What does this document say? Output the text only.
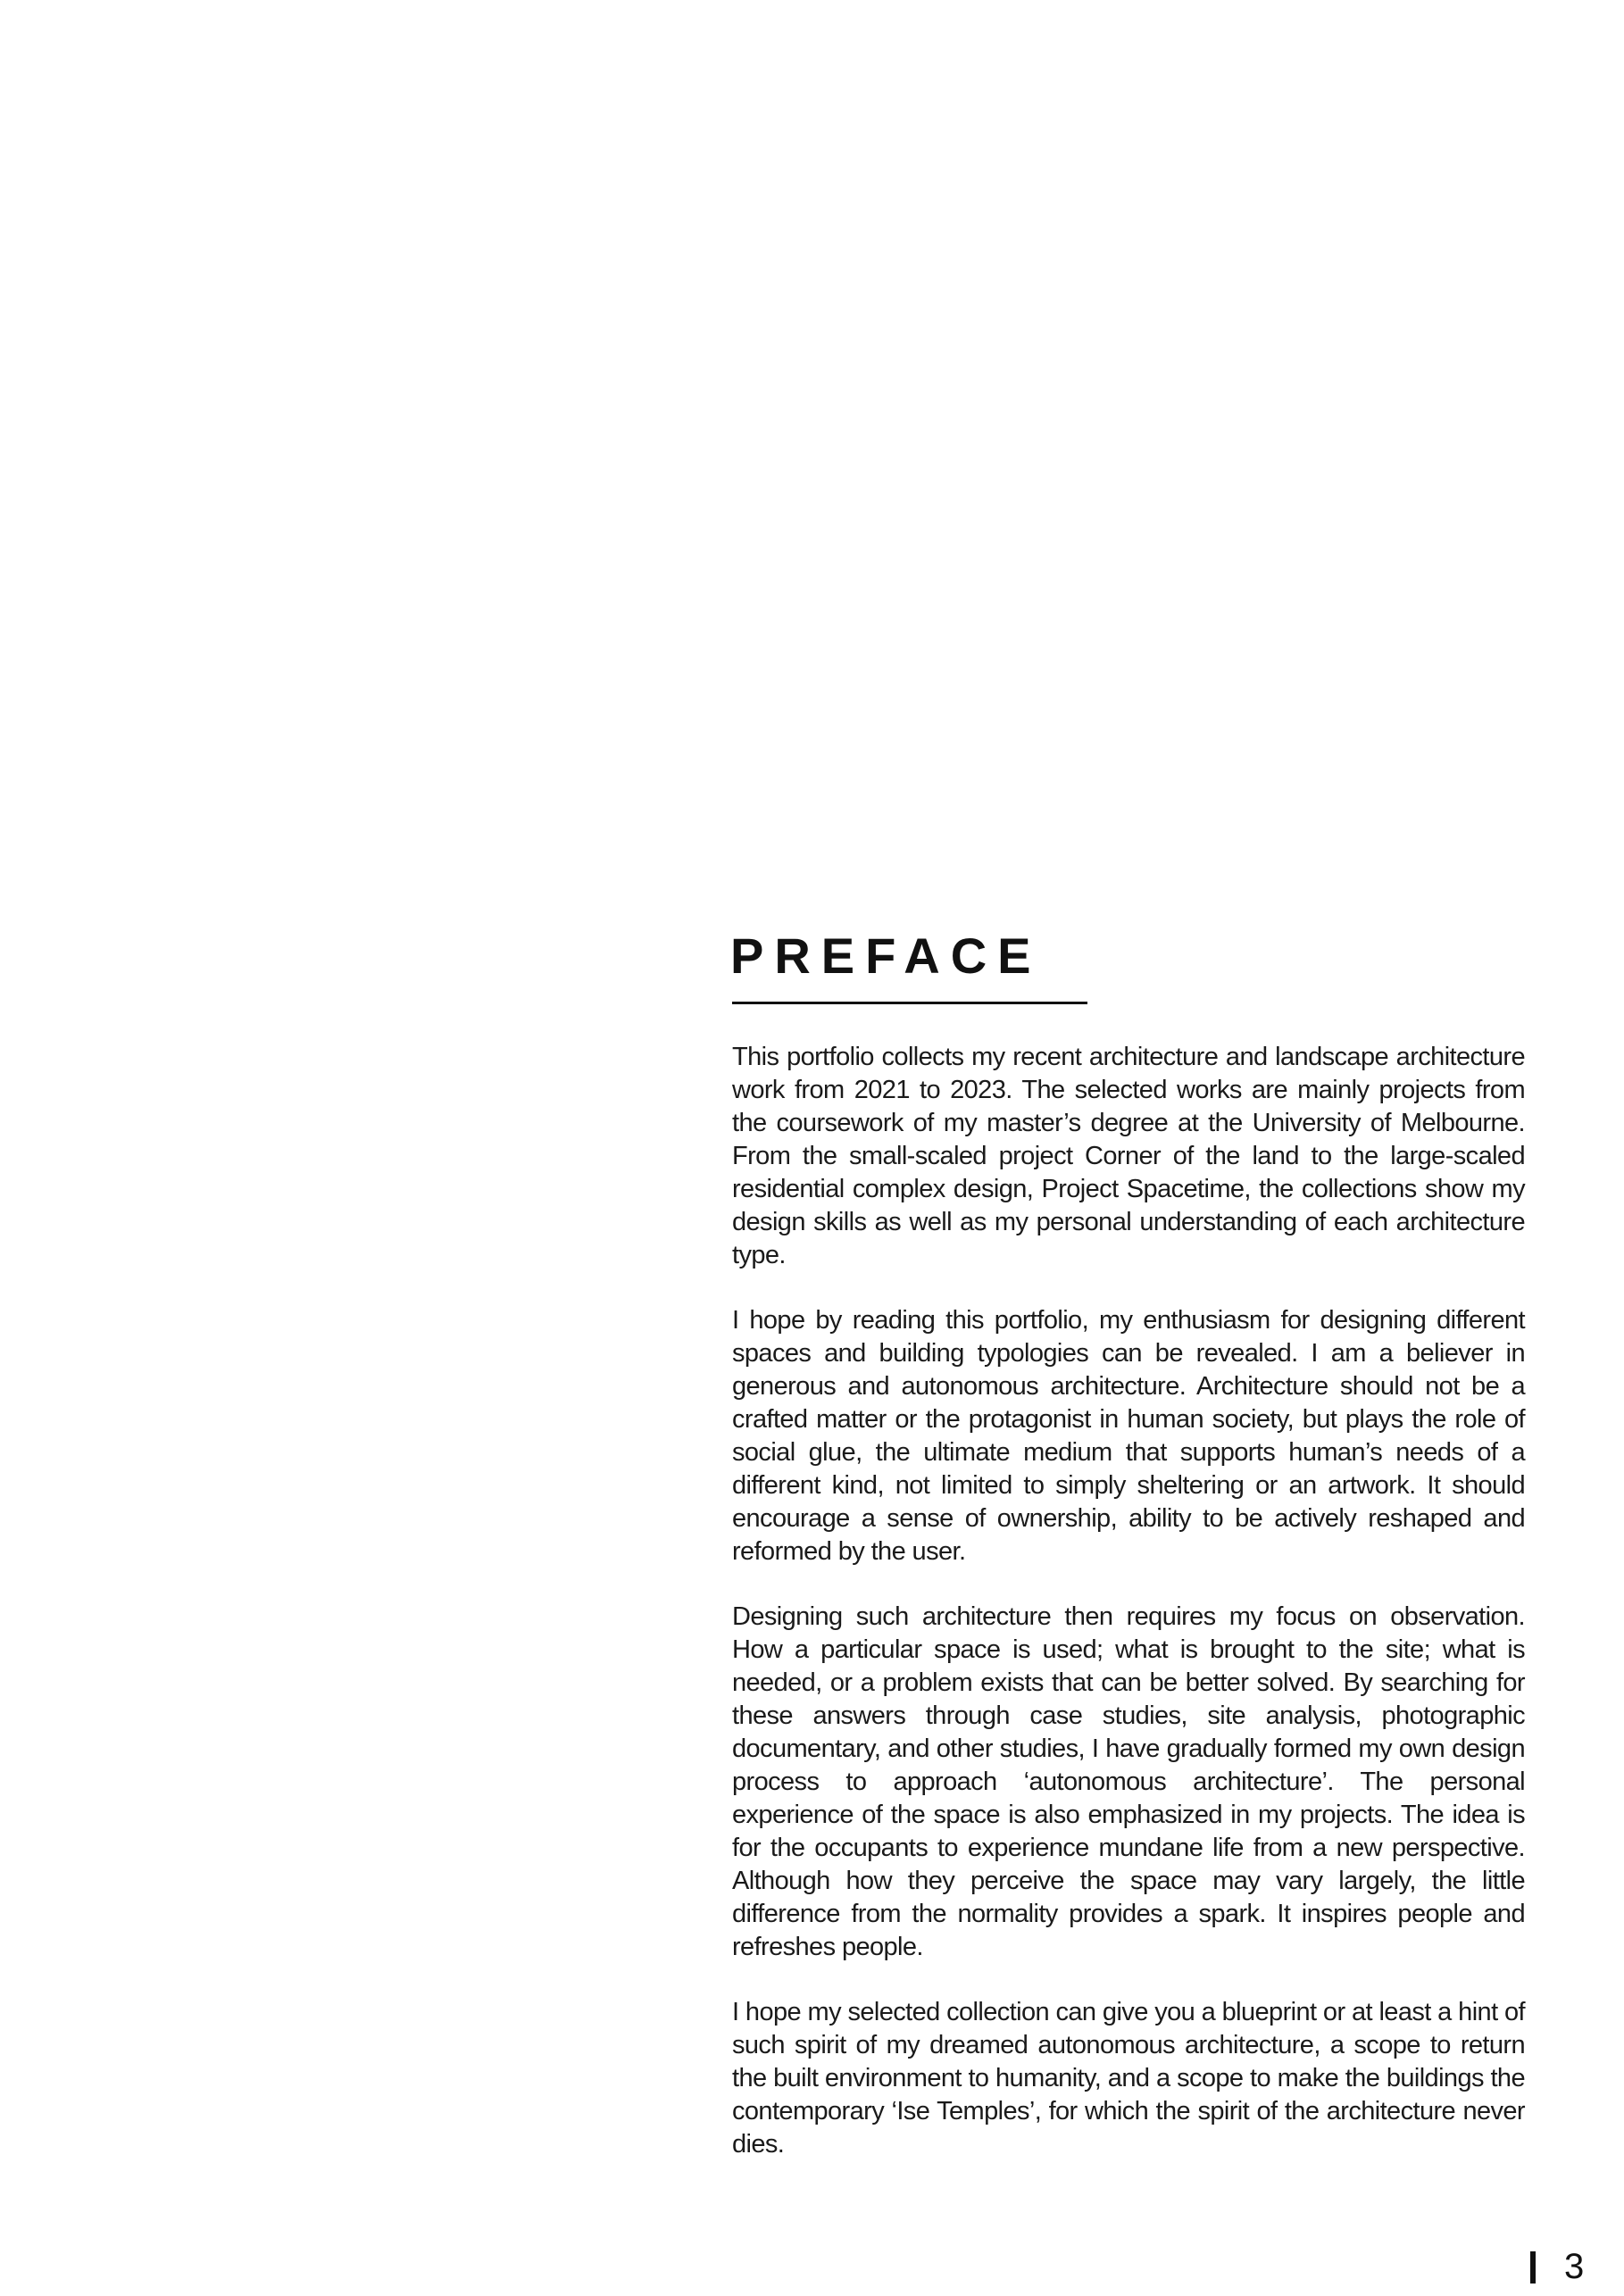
PREFACE

This portfolio collects my recent architecture and landscape architecture work from 2021 to 2023. The selected works are mainly projects from the coursework of my master’s degree at the University of Melbourne. From the small-scaled project Corner of the land to the large-scaled residential complex design, Project Spacetime, the collections show my design skills as well as my personal understanding of each architecture type.

I hope by reading this portfolio, my enthusiasm for designing different spaces and building typologies can be revealed. I am a believer in generous and autonomous architecture. Architecture should not be a crafted matter or the protagonist in human society, but plays the role of social glue, the ultimate medium that supports human’s needs of a different kind, not limited to simply sheltering or an artwork. It should encourage a sense of ownership, ability to be actively reshaped and reformed by the user.

Designing such architecture then requires my focus on observation. How a particular space is used; what is brought to the site; what is needed, or a problem exists that can be better solved. By searching for these answers through case studies, site analysis, photographic documentary, and other studies, I have gradually formed my own design process to approach ‘autonomous architecture’. The personal experience of the space is also emphasized in my projects. The idea is for the occupants to experience mundane life from a new perspective. Although how they perceive the space may vary largely, the little difference from the normality provides a spark. It inspires people and refreshes people.

I hope my selected collection can give you a blueprint or at least a hint of such spirit of my dreamed autonomous architecture, a scope to return the built environment to humanity, and a scope to make the buildings the contemporary ‘Ise Temples’, for which the spirit of the architecture never dies.

3
